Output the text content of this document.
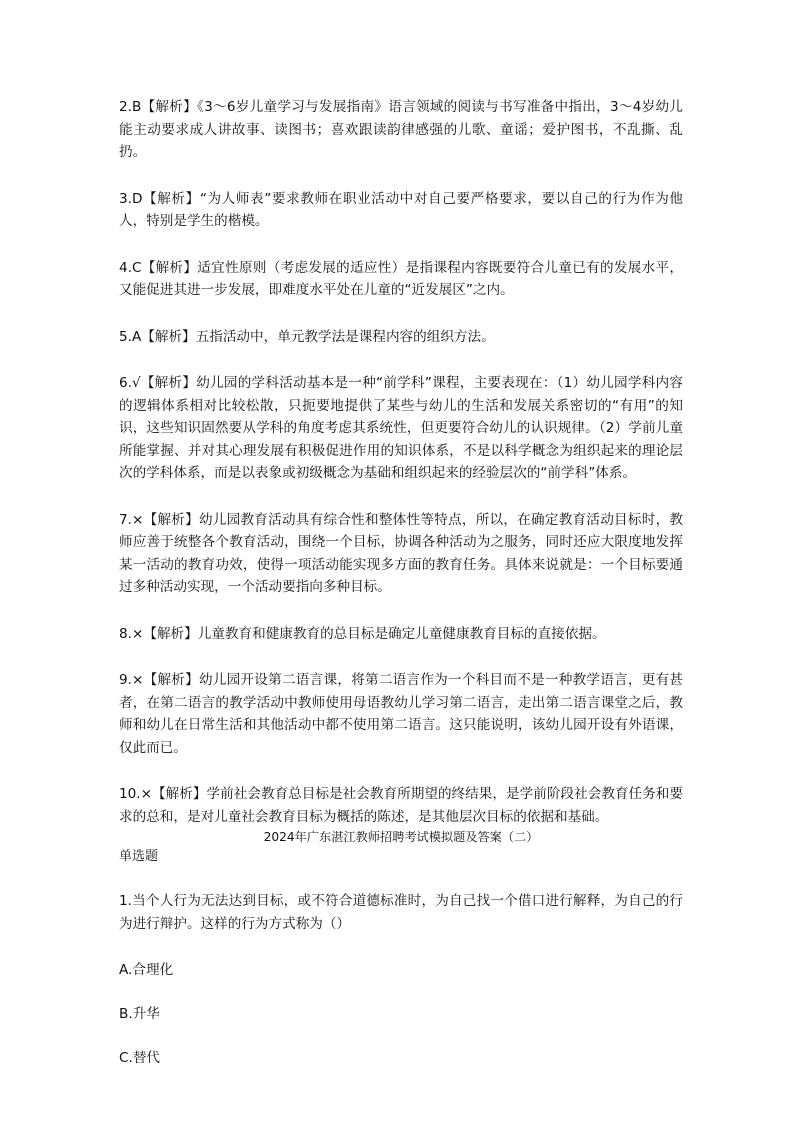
2.B【解析】《3～6岁儿童学习与发展指南》语言领域的阅读与书写准备中指出，3～4岁幼儿能主动要求成人讲故事、读图书；喜欢跟读韵律感强的儿歌、童谣；爱护图书，不乱撕、乱扔。

3.D【解析】“为人师表”要求教师在职业活动中对自己要严格要求，要以自己的行为作为他人，特别是学生的楷模。

4.C【解析】适宜性原则（考虑发展的适应性）是指课程内容既要符合儿童已有的发展水平，又能促进其进一步发展，即难度水平处在儿童的“近发展区”之内。

5.A【解析】五指活动中，单元教学法是课程内容的组织方法。

6.√【解析】幼儿园的学科活动基本是一种“前学科”课程，主要表现在：（1）幼儿园学科内容的逻辑体系相对比较松散，只扼要地提供了某些与幼儿的生活和发展关系密切的“有用”的知识，这些知识固然要从学科的角度考虑其系统性，但更要符合幼儿的认识规律。（2）学前儿童所能掌握、并对其心理发展有积极促进作用的知识体系，不是以科学概念为组织起来的理论层次的学科体系，而是以表象或初级概念为基础和组织起来的经验层次的“前学科”体系。

7.×【解析】幼儿园教育活动具有综合性和整体性等特点，所以，在确定教育活动目标时，教师应善于统整各个教育活动，围绕一个目标，协调各种活动为之服务，同时还应大限度地发挥某一活动的教育功效，使得一项活动能实现多方面的教育任务。具体来说就是：一个目标要通过多种活动实现，一个活动要指向多种目标。

8.×【解析】儿童教育和健康教育的总目标是确定儿童健康教育目标的直接依据。

9.×【解析】幼儿园开设第二语言课，将第二语言作为一个科目而不是一种教学语言，更有甚者，在第二语言的教学活动中教师使用母语教幼儿学习第二语言，走出第二语言课堂之后，教师和幼儿在日常生活和其他活动中都不使用第二语言。这只能说明，该幼儿园开设有外语课，仅此而已。

10.×【解析】学前社会教育总目标是社会教育所期望的终结果，是学前阶段社会教育任务和要求的总和，是对儿童社会教育目标为概括的陈述，是其他层次目标的依据和基础。

2024年广东湛江教师招聘考试模拟题及答案（二）

单选题

1.当个人行为无法达到目标，或不符合道德标准时，为自己找一个借口进行解释，为自己的行为进行辩护。这样的行为方式称为（）

A.合理化

B.升华

C.替代
